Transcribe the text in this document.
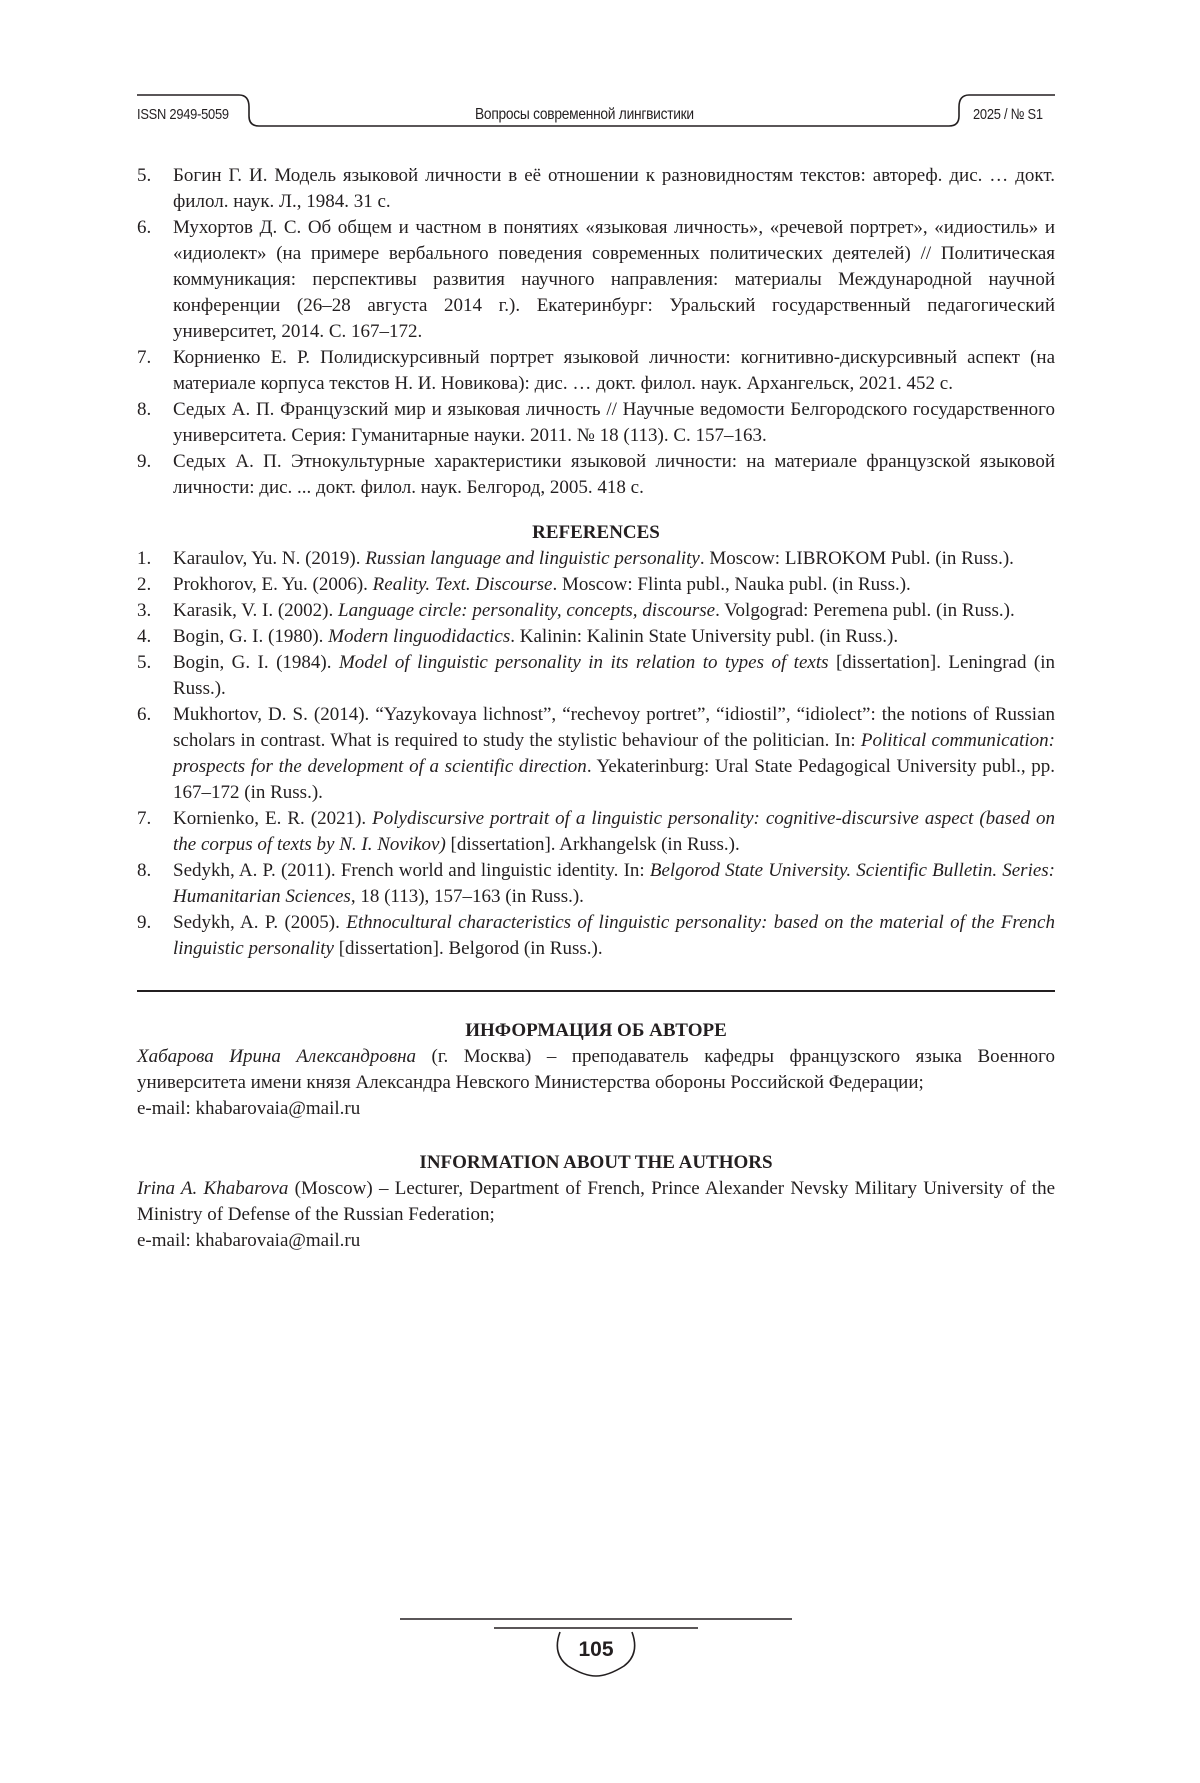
ISSN 2949-5059	Вопросы современной лингвистики	2025 / № S1
5. Богин Г. И. Модель языковой личности в её отношении к разновидностям текстов: автореф. дис. … докт. филол. наук. Л., 1984. 31 с.
6. Мухортов Д. С. Об общем и частном в понятиях «языковая личность», «речевой портрет», «идиостиль» и «идиолект» (на примере вербального поведения современных политических деятелей) // Политическая коммуникация: перспективы развития научного направления: материалы Международной научной конференции (26–28 августа 2014 г.). Екатеринбург: Уральский государственный педагогический университет, 2014. С. 167–172.
7. Корниенко Е. Р. Полидискурсивный портрет языковой личности: когнитивно-дискурсивный аспект (на материале корпуса текстов Н. И. Новикова): дис. … докт. филол. наук. Архангельск, 2021. 452 с.
8. Седых А. П. Французский мир и языковая личность // Научные ведомости Белгородского государственного университета. Серия: Гуманитарные науки. 2011. № 18 (113). С. 157–163.
9. Седых А. П. Этнокультурные характеристики языковой личности: на материале французской языковой личности: дис. ... докт. филол. наук. Белгород, 2005. 418 с.
REFERENCES
1. Karaulov, Yu. N. (2019). Russian language and linguistic personality. Moscow: LIBROKOM Publ. (in Russ.).
2. Prokhorov, E. Yu. (2006). Reality. Text. Discourse. Moscow: Flinta publ., Nauka publ. (in Russ.).
3. Karasik, V. I. (2002). Language circle: personality, concepts, discourse. Volgograd: Peremena publ. (in Russ.).
4. Bogin, G. I. (1980). Modern linguodidactics. Kalinin: Kalinin State University publ. (in Russ.).
5. Bogin, G. I. (1984). Model of linguistic personality in its relation to types of texts [dissertation]. Leningrad (in Russ.).
6. Mukhortov, D. S. (2014). “Yazykovaya lichnost”, “rechevoy portret”, “idiostil”, “idiolect”: the notions of Russian scholars in contrast. What is required to study the stylistic behaviour of the politician. In: Political communication: prospects for the development of a scientific direction. Yekaterinburg: Ural State Pedagogical University publ., pp. 167–172 (in Russ.).
7. Kornienko, E. R. (2021). Polydiscursive portrait of a linguistic personality: cognitive-discursive aspect (based on the corpus of texts by N. I. Novikov) [dissertation]. Arkhangelsk (in Russ.).
8. Sedykh, A. P. (2011). French world and linguistic identity. In: Belgorod State University. Scientific Bulletin. Series: Humanitarian Sciences, 18 (113), 157–163 (in Russ.).
9. Sedykh, A. P. (2005). Ethnocultural characteristics of linguistic personality: based on the material of the French linguistic personality [dissertation]. Belgorod (in Russ.).
ИНФОРМАЦИЯ ОБ АВТОРЕ

Хабарова Ирина Александровна (г. Москва) – преподаватель кафедры французского языка Военного университета имени князя Александра Невского Министерства обороны Российской Федерации;

e-mail: khabarovaia@mail.ru

INFORMATION ABOUT THE AUTHORS

Irina A. Khabarova (Moscow) – Lecturer, Department of French, Prince Alexander Nevsky Military University of the Ministry of Defense of the Russian Federation;

e-mail: khabarovaia@mail.ru

105
